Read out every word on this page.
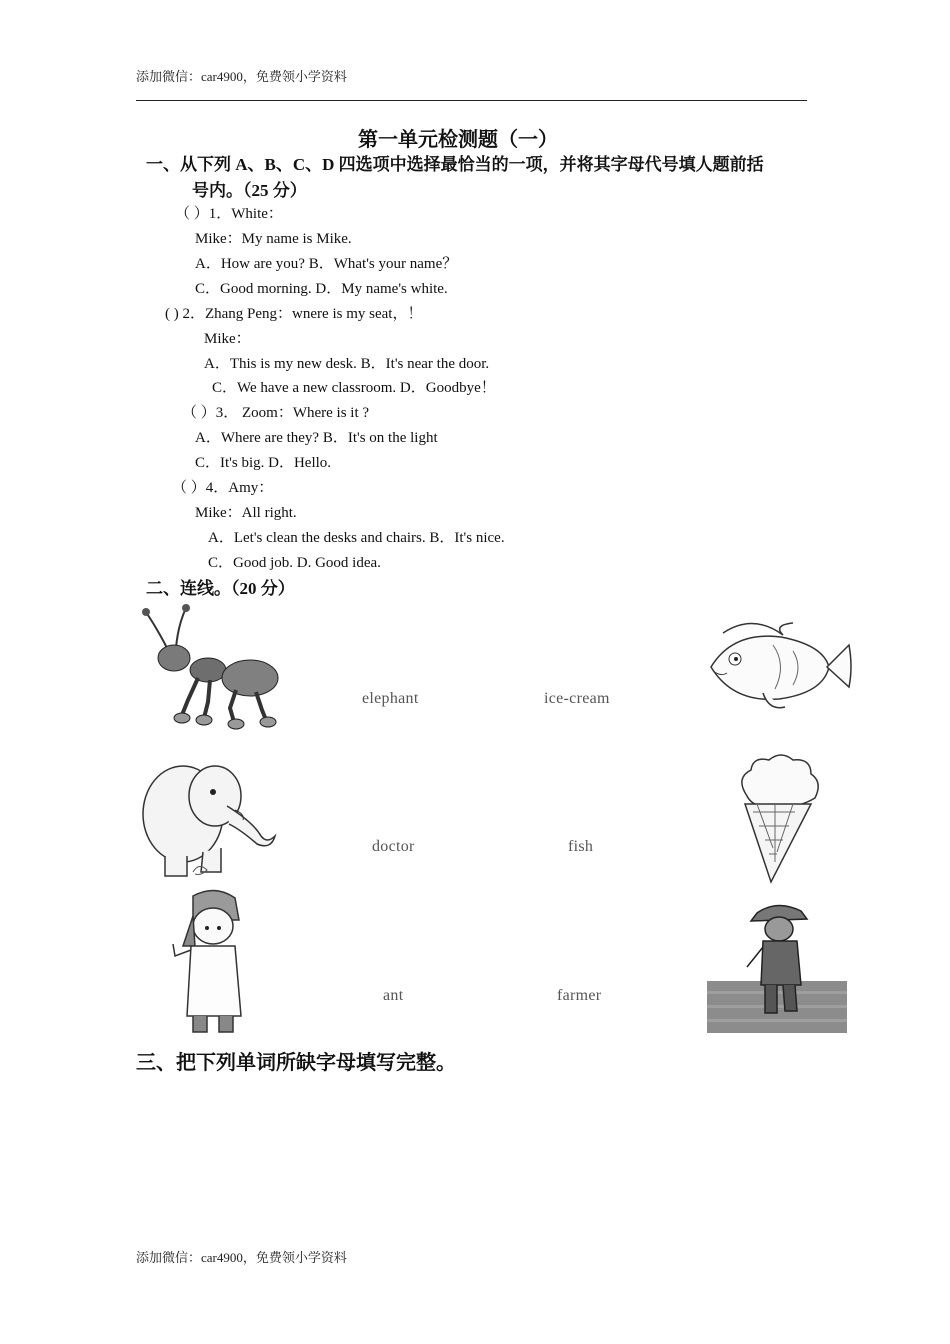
添加微信：car4900，免费领小学资料
第一单元检测题（一）
一、从下列 A、B、C、D 四选项中选择最恰当的一项，并将其字母代号填人题前括
号内。（25 分）
（ ）1．White：
Mike：My name is Mike.
A．How are you? B．What's your name？
C．Good morning. D．My name's white.
( ) 2．Zhang Peng：wnere is my seat，！
Mike：
A．This is my new desk. B．It's near the door.
C．We have a new classroom. D．Goodbye！
（ ）3． Zoom：Where is it ?
A．Where are they? B．It's on the light
C．It's big. D．Hello.
（ ）4．Amy：
Mike：All right.
A．Let's clean the desks and chairs. B．It's nice.
C．Good job. D. Good idea.
二、连线。（20 分）
elephant	ice-cream
doctor	fish
ant	farmer
三、把下列单词所缺字母填写完整。
添加微信：car4900，免费领小学资料
